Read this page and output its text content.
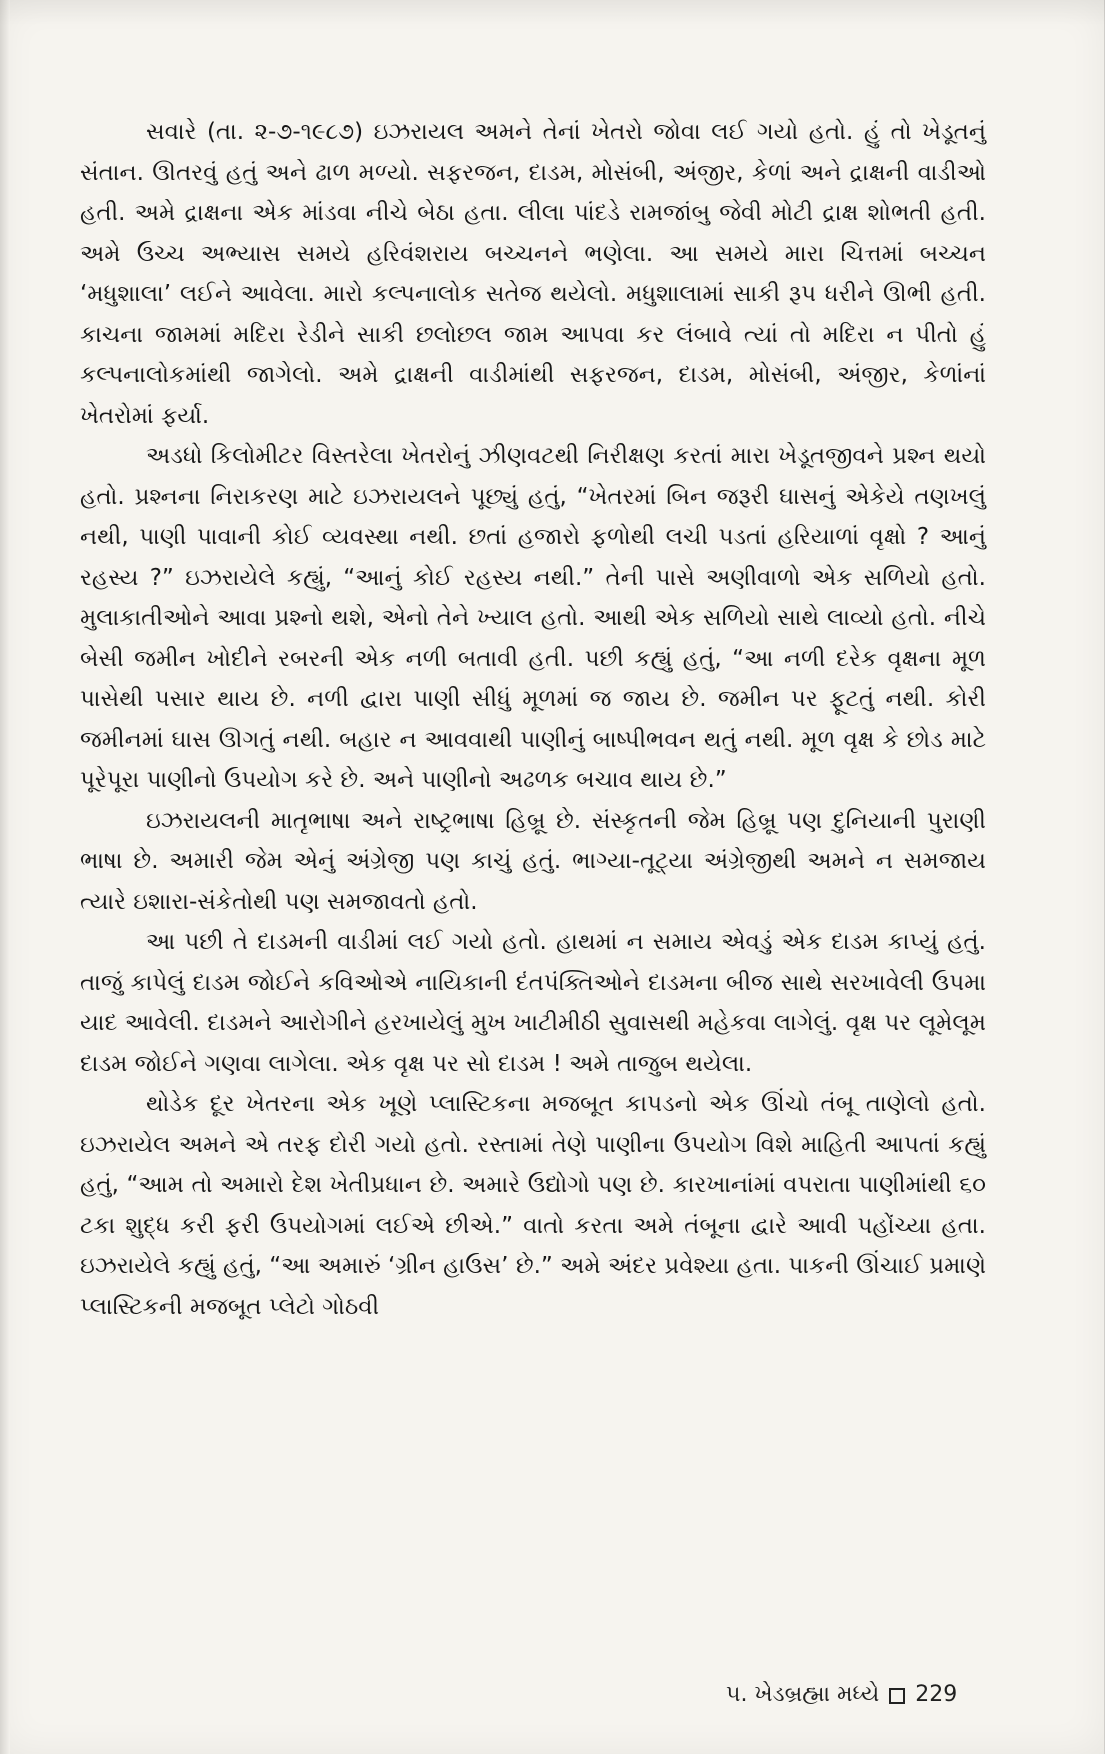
સવારે (તા. ૨-૭-૧૯૮૭) ઇઝરાયલ અમને તેનાં ખેતરો જોવા લઈ ગયો હતો. હું તો ખેડૂતનું સંતાન. ઊતરવું હતું અને ઢાળ મળ્યો. સફરજન, દાડમ, મોસંબી, અંજીર, કેળાં અને દ્રાક્ષની વાડીઓ હતી. અમે દ્રાક્ષના એક માંડવા નીચે બેઠા હતા. લીલા પાંદડે રામજાંબુ જેવી મોટી દ્રાક્ષ શોભતી હતી. અમે ઉચ્ચ અભ્યાસ સમયે હરિવંશરાય બચ્ચનને ભણેલા. આ સમયે મારા ચિત્તમાં બચ્ચન ‘મધુશાલા’ લઈને આવેલા. મારો કલ્પનાલોક સતેજ થયેલો. મધુશાલામાં સાકી રૂપ ધરીને ઊભી હતી. કાચના જામમાં મદિરા રેડીને સાકી છલોછલ જામ આપવા કર લંબાવે ત્યાં તો મદિરા ન પીતો હું કલ્પનાલોકમાંથી જાગેલો. અમે દ્રાક્ષની વાડીમાંથી સફરજન, દાડમ, મોસંબી, અંજીર, કેળાંનાં ખેતરોમાં ફર્યા.

અડધો કિલોમીટર વિસ્તરેલા ખેતરોનું ઝીણવટથી નિરીક્ષણ કરતાં મારા ખેડૂતજીવને પ્રશ્ન થયો હતો. પ્રશ્નના નિરાકરણ માટે ઇઝરાયલને પૂછ્યું હતું, “ખેતરમાં બિન જરૂરી ઘાસનું એકેયે તણખલું નથી, પાણી પાવાની કોઈ વ્યવસ્થા નથી. છતાં હજારો ફળોથી લચી પડતાં હરિયાળાં વૃક્ષો ? આનું રહસ્ય ?” ઇઝરાયેલે કહ્યું, “આનું કોઈ રહસ્ય નથી.” તેની પાસે અણીવાળો એક સળિયો હતો. મુલાકાતીઓને આવા પ્રશ્નો થશે, એનો તેને ખ્યાલ હતો. આથી એક સળિયો સાથે લાવ્યો હતો. નીચે બેસી જમીન ખોદીને રબરની એક નળી બતાવી હતી. પછી કહ્યું હતું, “આ નળી દરેક વૃક્ષના મૂળ પાસેથી પસાર થાય છે. નળી દ્વારા પાણી સીધું મૂળમાં જ જાય છે. જમીન પર ફૂટતું નથી. કોરી જમીનમાં ઘાસ ઊગતું નથી. બહાર ન આવવાથી પાણીનું બાષ્પીભવન થતું નથી. મૂળ વૃક્ષ કે છોડ માટે પૂરેપૂરા પાણીનો ઉપયોગ કરે છે. અને પાણીનો અઢળક બચાવ થાય છે.”

ઇઝરાયલની માતૃભાષા અને રાષ્ટ્રભાષા હિબ્રૂ છે. સંસ્કૃતની જેમ હિબ્રૂ પણ દુનિયાની પુરાણી ભાષા છે. અમારી જેમ એનું અંગ્રેજી પણ કાચું હતું. ભાગ્યા-તૂટ્યા અંગ્રેજીથી અમને ન સમજાય ત્યારે ઇશારા-સંકેતોથી પણ સમજાવતો હતો.

આ પછી તે દાડમની વાડીમાં લઈ ગયો હતો. હાથમાં ન સમાય એવડું એક દાડમ કાપ્યું હતું. તાજું કાપેલું દાડમ જોઈને કવિઓએ નાયિકાની દંતપંક્તિઓને દાડમના બીજ સાથે સરખાવેલી ઉપમા યાદ આવેલી. દાડમને આરોગીને હરખાયેલું મુખ ખાટીમીઠી સુવાસથી મહેકવા લાગેલું. વૃક્ષ પર લૂમેલૂમ દાડમ જોઈને ગણવા લાગેલા. એક વૃક્ષ પર સો દાડમ ! અમે તાજુબ થયેલા.

થોડેક દૂર ખેતરના એક ખૂણે પ્લાસ્ટિકના મજબૂત કાપડનો એક ઊંચો તંબૂ તાણેલો હતો. ઇઝરાયેલ અમને એ તરફ દોરી ગયો હતો. રસ્તામાં તેણે પાણીના ઉપયોગ વિશે માહિતી આપતાં કહ્યું હતું, “આમ તો અમારો દેશ ખેતીપ્રધાન છે. અમારે ઉદ્યોગો પણ છે. કારખાનાંમાં વપરાતા પાણીમાંથી ૬૦ ટકા શુદ્ધ કરી ફરી ઉપયોગમાં લઈએ છીએ.” વાતો કરતા અમે તંબૂના દ્વારે આવી પહોંચ્યા હતા. ઇઝરાયેલે કહ્યું હતું, “આ અમારું ‘ગ્રીન હાઉસ’ છે.” અમે અંદર પ્રવેશ્યા હતા. પાકની ઊંચાઈ પ્રમાણે પ્લાસ્ટિકની મજબૂત પ્લેટો ગોઠવી

૫. ખેડબ્રહ્મા મધ્યે 229
